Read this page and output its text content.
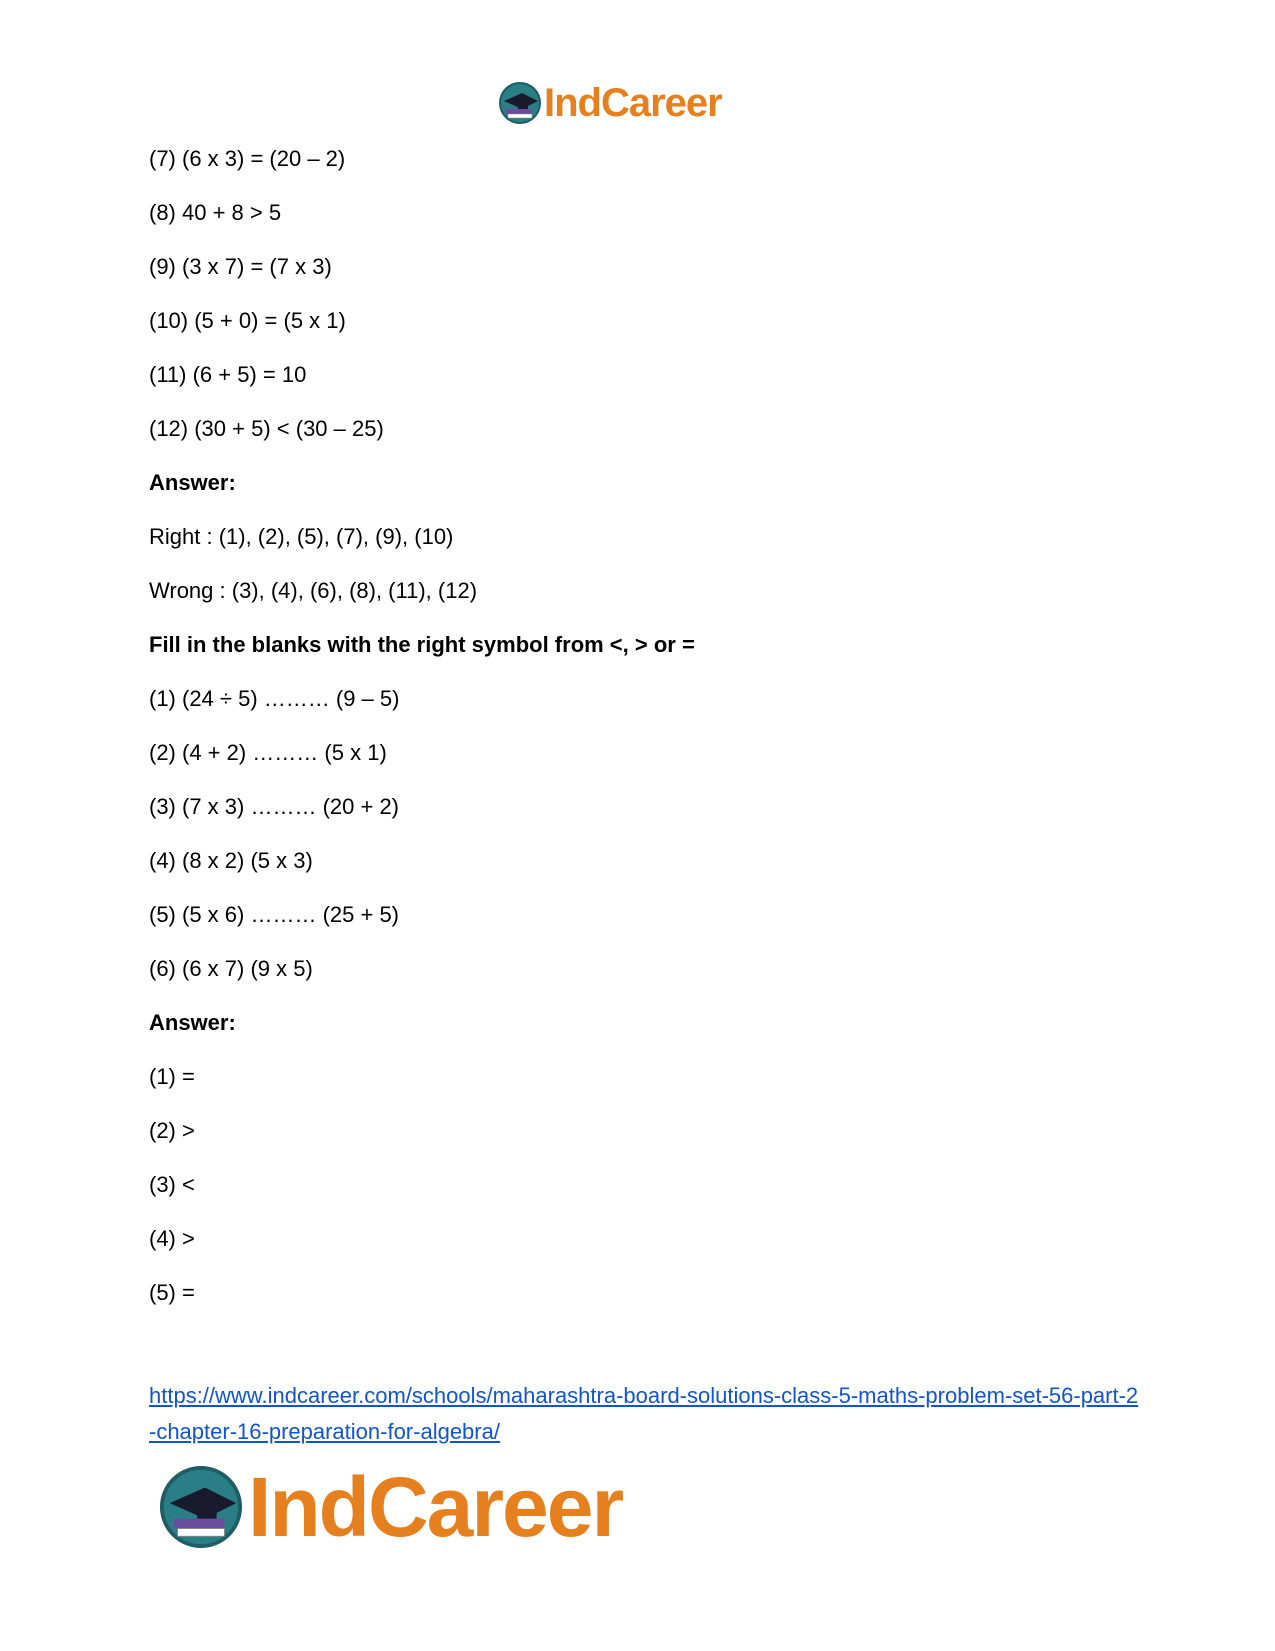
IndCareer
(7) (6 x 3) = (20 – 2)
(8) 40 + 8 > 5
(9) (3 x 7) = (7 x 3)
(10) (5 + 0) = (5 x 1)
(11) (6 + 5) = 10
(12) (30 + 5) < (30 – 25)
Answer:
Right : (1), (2), (5), (7), (9), (10)
Wrong : (3), (4), (6), (8), (11), (12)
Fill in the blanks with the right symbol from <, > or =
(1) (24 ÷ 5) ……… (9 – 5)
(2) (4 + 2) ……… (5 x 1)
(3) (7 x 3) ……… (20 + 2)
(4) (8 x 2) (5 x 3)
(5) (5 x 6) ……… (25 + 5)
(6) (6 x 7) (9 x 5)
Answer:
(1) =
(2) >
(3) <
(4) >
(5) =
https://www.indcareer.com/schools/maharashtra-board-solutions-class-5-maths-problem-set-56-part-2-chapter-16-preparation-for-algebra/
IndCareer
